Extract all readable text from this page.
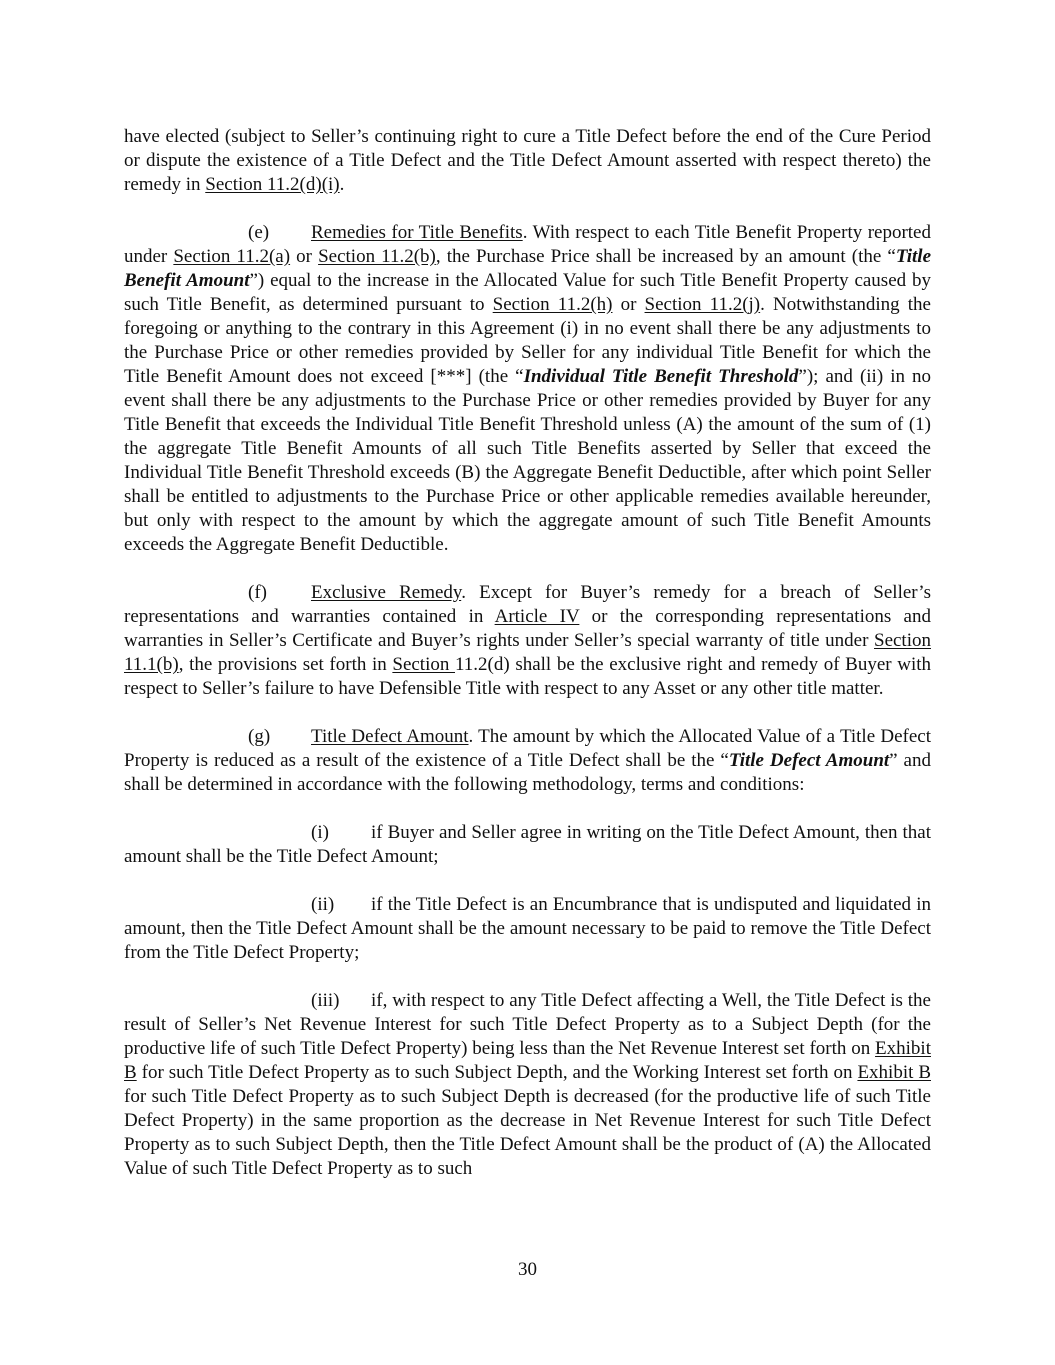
have elected (subject to Seller’s continuing right to cure a Title Defect before the end of the Cure Period or dispute the existence of a Title Defect and the Title Defect Amount asserted with respect thereto) the remedy in Section 11.2(d)(i).

(e) Remedies for Title Benefits. With respect to each Title Benefit Property reported under Section 11.2(a) or Section 11.2(b), the Purchase Price shall be increased by an amount (the “Title Benefit Amount”) equal to the increase in the Allocated Value for such Title Benefit Property caused by such Title Benefit, as determined pursuant to Section 11.2(h) or Section 11.2(j). Notwithstanding the foregoing or anything to the contrary in this Agreement (i) in no event shall there be any adjustments to the Purchase Price or other remedies provided by Seller for any individual Title Benefit for which the Title Benefit Amount does not exceed [***] (the “Individual Title Benefit Threshold”); and (ii) in no event shall there be any adjustments to the Purchase Price or other remedies provided by Buyer for any Title Benefit that exceeds the Individual Title Benefit Threshold unless (A) the amount of the sum of (1) the aggregate Title Benefit Amounts of all such Title Benefits asserted by Seller that exceed the Individual Title Benefit Threshold exceeds (B) the Aggregate Benefit Deductible, after which point Seller shall be entitled to adjustments to the Purchase Price or other applicable remedies available hereunder, but only with respect to the amount by which the aggregate amount of such Title Benefit Amounts exceeds the Aggregate Benefit Deductible.

(f) Exclusive Remedy. Except for Buyer’s remedy for a breach of Seller’s representations and warranties contained in Article IV or the corresponding representations and warranties in Seller’s Certificate and Buyer’s rights under Seller’s special warranty of title under Section 11.1(b), the provisions set forth in Section 11.2(d) shall be the exclusive right and remedy of Buyer with respect to Seller’s failure to have Defensible Title with respect to any Asset or any other title matter.

(g) Title Defect Amount. The amount by which the Allocated Value of a Title Defect Property is reduced as a result of the existence of a Title Defect shall be the “Title Defect Amount” and shall be determined in accordance with the following methodology, terms and conditions:

(i) if Buyer and Seller agree in writing on the Title Defect Amount, then that amount shall be the Title Defect Amount;

(ii) if the Title Defect is an Encumbrance that is undisputed and liquidated in amount, then the Title Defect Amount shall be the amount necessary to be paid to remove the Title Defect from the Title Defect Property;

(iii) if, with respect to any Title Defect affecting a Well, the Title Defect is the result of Seller’s Net Revenue Interest for such Title Defect Property as to a Subject Depth (for the productive life of such Title Defect Property) being less than the Net Revenue Interest set forth on Exhibit B for such Title Defect Property as to such Subject Depth, and the Working Interest set forth on Exhibit B for such Title Defect Property as to such Subject Depth is decreased (for the productive life of such Title Defect Property) in the same proportion as the decrease in Net Revenue Interest for such Title Defect Property as to such Subject Depth, then the Title Defect Amount shall be the product of (A) the Allocated Value of such Title Defect Property as to such

30
